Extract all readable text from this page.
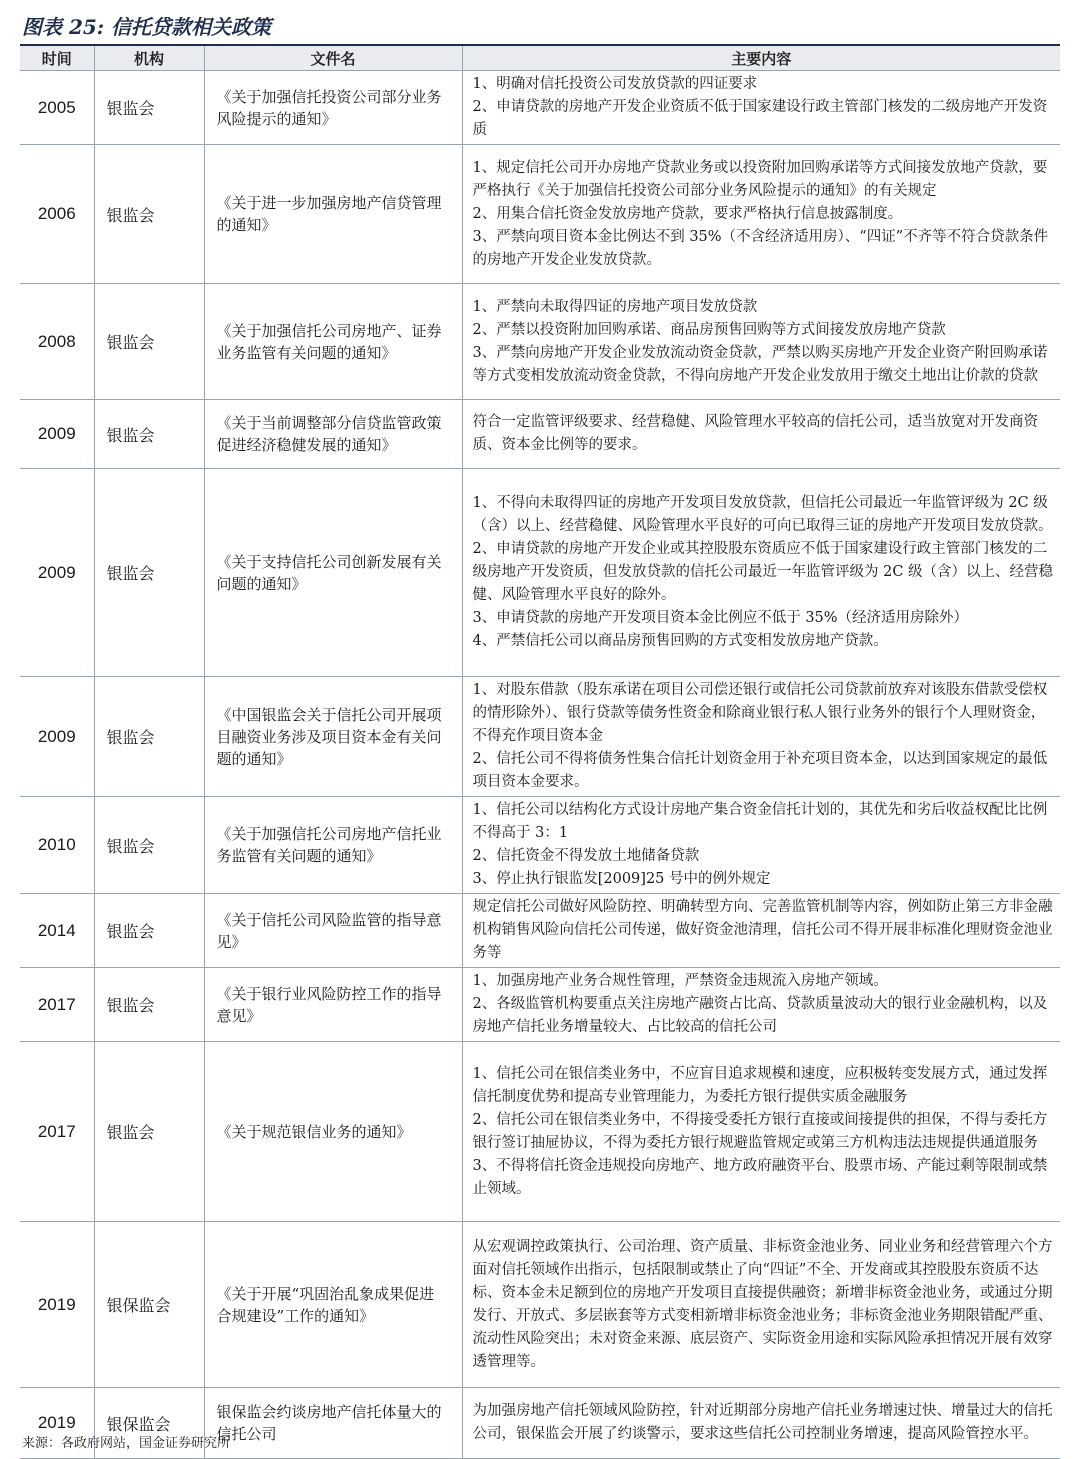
图表 25: 信托贷款相关政策
时间	机构	文件名	主要内容
2005	银监会	《关于加强信托投资公司部分业务风险提示的通知》	1、明确对信托投资公司发放贷款的四证要求
2、申请贷款的房地产开发企业资质不低于国家建设行政主管部门核发的二级房地产开发资质

2006	银监会	《关于进一步加强房地产信贷管理的通知》	1、规定信托公司开办房地产贷款业务或以投资附加回购承诺等方式间接发放地产贷款，要严格执行《关于加强信托投资公司部分业务风险提示的通知》的有关规定
2、用集合信托资金发放房地产贷款，要求严格执行信息披露制度。
3、严禁向项目资本金比例达不到 35%（不含经济适用房）、“四证”不齐等不符合贷款条件的房地产开发企业发放贷款。

2008	银监会	《关于加强信托公司房地产、证券业务监管有关问题的通知》	1、严禁向未取得四证的房地产项目发放贷款
2、严禁以投资附加回购承诺、商品房预售回购等方式间接发放房地产贷款
3、严禁向房地产开发企业发放流动资金贷款，严禁以购买房地产开发企业资产附回购承诺等方式变相发放流动资金贷款，不得向房地产开发企业发放用于缴交土地出让价款的贷款

2009	银监会	《关于当前调整部分信贷监管政策促进经济稳健发展的通知》	符合一定监管评级要求、经营稳健、风险管理水平较高的信托公司，适当放宽对开发商资质、资本金比例等的要求。

2009	银监会	《关于支持信托公司创新发展有关问题的通知》	1、不得向未取得四证的房地产开发项目发放贷款，但信托公司最近一年监管评级为 2C 级（含）以上、经营稳健、风险管理水平良好的可向已取得三证的房地产开发项目发放贷款。
2、申请贷款的房地产开发企业或其控股股东资质应不低于国家建设行政主管部门核发的二级房地产开发资质，但发放贷款的信托公司最近一年监管评级为 2C 级（含）以上、经营稳健、风险管理水平良好的除外。
3、申请贷款的房地产开发项目资本金比例应不低于 35%（经济适用房除外）
4、严禁信托公司以商品房预售回购的方式变相发放房地产贷款。

2009	银监会	《中国银监会关于信托公司开展项目融资业务涉及项目资本金有关问题的通知》	1、对股东借款（股东承诺在项目公司偿还银行或信托公司贷款前放弃对该股东借款受偿权的情形除外）、银行贷款等债务性资金和除商业银行私人银行业务外的银行个人理财资金，不得充作项目资本金
2、信托公司不得将债务性集合信托计划资金用于补充项目资本金，以达到国家规定的最低项目资本金要求。

2010	银监会	《关于加强信托公司房地产信托业务监管有关问题的通知》	1、信托公司以结构化方式设计房地产集合资金信托计划的，其优先和劣后收益权配比比例不得高于 3：1
2、信托资金不得发放土地储备贷款
3、停止执行银监发[2009]25 号中的例外规定

2014	银监会	《关于信托公司风险监管的指导意见》	规定信托公司做好风险防控、明确转型方向、完善监管机制等内容，例如防止第三方非金融机构销售风险向信托公司传递，做好资金池清理，信托公司不得开展非标准化理财资金池业务等

2017	银监会	《关于银行业风险防控工作的指导意见》	1、加强房地产业务合规性管理，严禁资金违规流入房地产领域。
2、各级监管机构要重点关注房地产融资占比高、贷款质量波动大的银行业金融机构，以及房地产信托业务增量较大、占比较高的信托公司

2017	银监会	《关于规范银信业务的通知》	1、信托公司在银信类业务中，不应盲目追求规模和速度，应积极转变发展方式，通过发挥信托制度优势和提高专业管理能力，为委托方银行提供实质金融服务
2、信托公司在银信类业务中，不得接受委托方银行直接或间接提供的担保，不得与委托方银行签订抽屉协议，不得为委托方银行规避监管规定或第三方机构违法违规提供通道服务
3、不得将信托资金违规投向房地产、地方政府融资平台、股票市场、产能过剩等限制或禁止领域。

2019	银保监会	《关于开展“巩固治乱象成果促进合规建设”工作的通知》	从宏观调控政策执行、公司治理、资产质量、非标资金池业务、同业业务和经营管理六个方面对信托领域作出指示，包括限制或禁止了向“四证”不全、开发商或其控股股东资质不达标、资本金未足额到位的房地产开发项目直接提供融资；新增非标资金池业务，或通过分期发行、开放式、多层嵌套等方式变相新增非标资金池业务；非标资金池业务期限错配严重、流动性风险突出；未对资金来源、底层资产、实际资金用途和实际风险承担情况开展有效穿透管理等。

2019	银保监会	银保监会约谈房地产信托体量大的信托公司	为加强房地产信托领域风险防控，针对近期部分房地产信托业务增速过快、增量过大的信托公司，银保监会开展了约谈警示，要求这些信托公司控制业务增速，提高风险管控水平。
来源：各政府网站，国金证券研究所
